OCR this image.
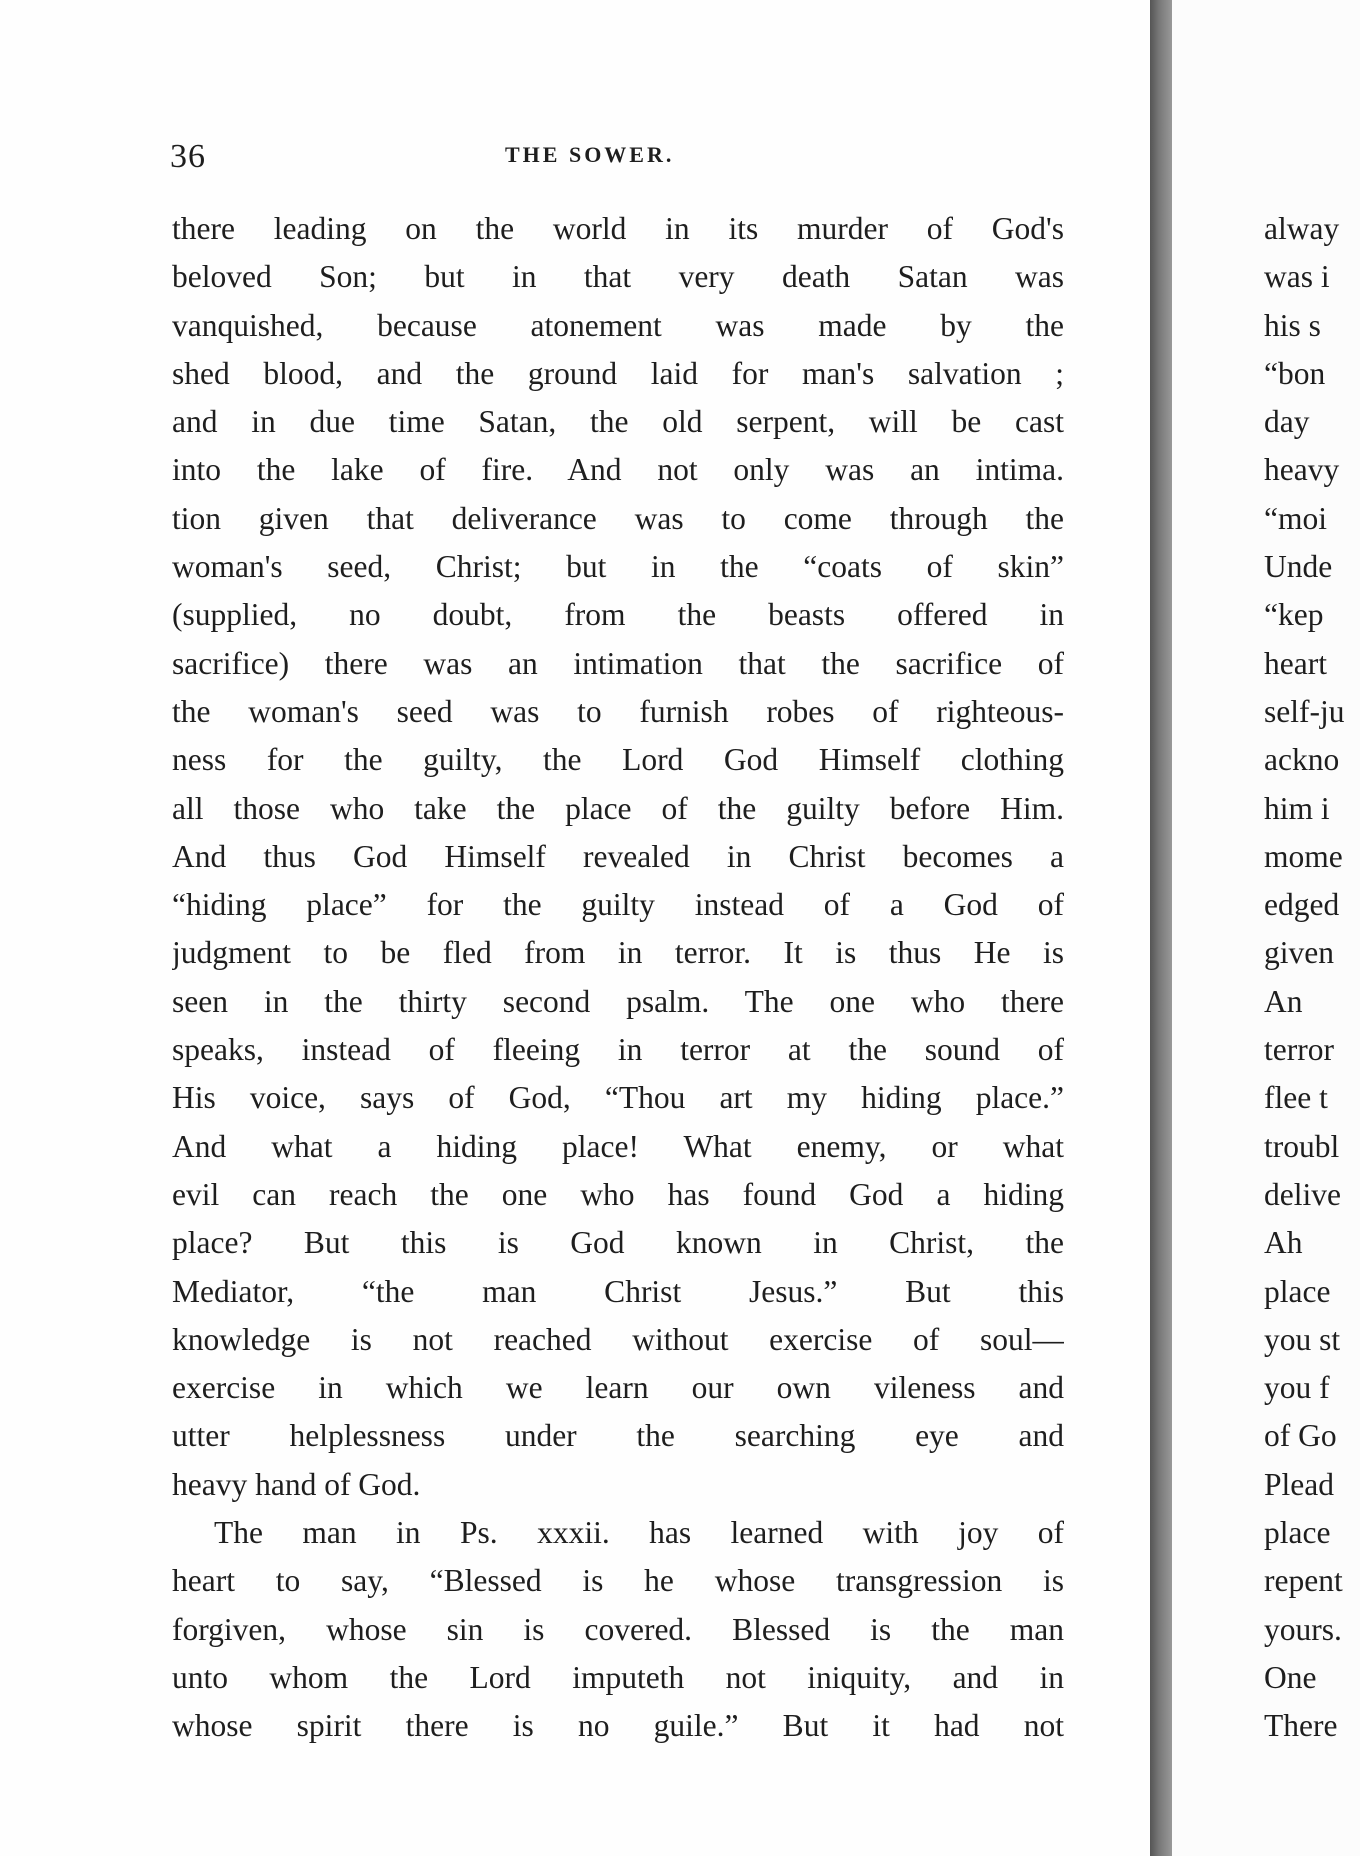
36	THE SOWER.
there leading on the world in its murder of God's
beloved Son; but in that very death Satan was
vanquished, because atonement was made by the
shed blood, and the ground laid for man's salvation ;
and in due time Satan, the old serpent, will be cast
into the lake of fire. And not only was an intima.
tion given that deliverance was to come through the
woman's seed, Christ; but in the “coats of skin”
(supplied, no doubt, from the beasts offered in
sacrifice) there was an intimation that the sacrifice of
the woman's seed was to furnish robes of righteous-
ness for the guilty, the Lord God Himself clothing
all those who take the place of the guilty before Him.
And thus God Himself revealed in Christ becomes a
“hiding place” for the guilty instead of a God of
judgment to be fled from in terror. It is thus He is
seen in the thirty second psalm. The one who there
speaks, instead of fleeing in terror at the sound of
His voice, says of God, “Thou art my hiding place.”
And what a hiding place! What enemy, or what
evil can reach the one who has found God a hiding
place? But this is God known in Christ, the
Mediator, “the man Christ Jesus.” But this
knowledge is not reached without exercise of soul—
exercise in which we learn our own vileness and
utter helplessness under the searching eye and
heavy hand of God.
The man in Ps. xxxii. has learned with joy of
heart to say, “Blessed is he whose transgression is
forgiven, whose sin is covered. Blessed is the man
unto whom the Lord imputeth not iniquity, and in
whose spirit there is no guile.” But it had not
alway
was i
his s
“bon
day
heavy
“moi
Unde
“kep
heart
self-ju
ackno
him i
mome
edged
given
An
terror
flee t
troubl
delive
Ah
place
you st
you f
of Go
Plead
place
repent
yours.
One
There
